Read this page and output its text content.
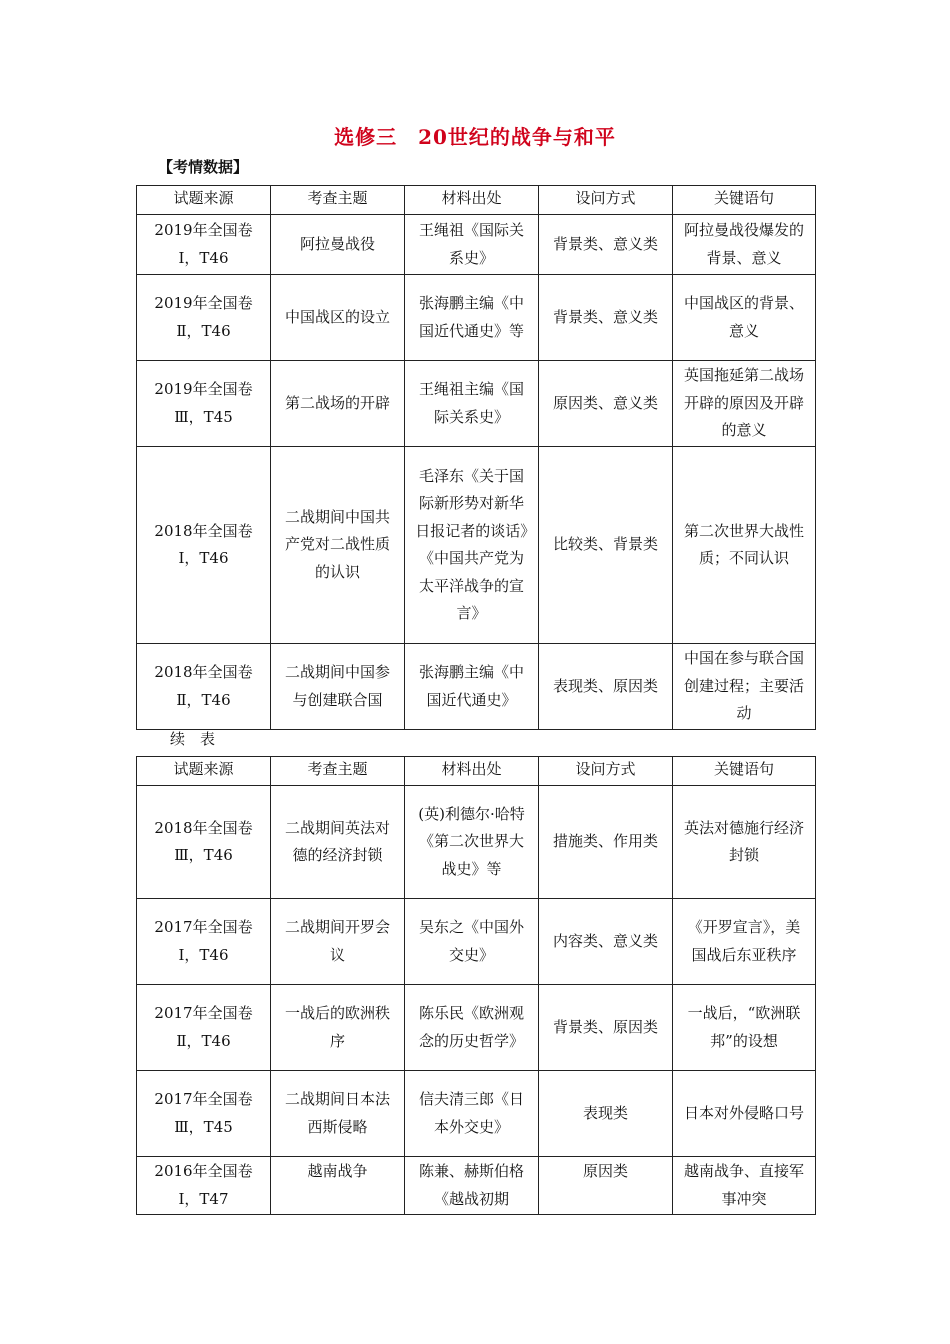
选修三　20世纪的战争与和平
【考情数据】
试题来源	考查主题	材料出处	设问方式	关键语句
2019年全国卷Ⅰ，T46	阿拉曼战役	王绳祖《国际关系史》	背景类、意义类	阿拉曼战役爆发的背景、意义
2019年全国卷Ⅱ，T46	中国战区的设立	张海鹏主编《中国近代通史》等	背景类、意义类	中国战区的背景、意义
2019年全国卷Ⅲ，T45	第二战场的开辟	王绳祖主编《国际关系史》	原因类、意义类	英国拖延第二战场开辟的原因及开辟的意义
2018年全国卷Ⅰ，T46	二战期间中国共产党对二战性质的认识	毛泽东《关于国际新形势对新华日报记者的谈话》《中国共产党为太平洋战争的宣言》	比较类、背景类	第二次世界大战性质；不同认识
2018年全国卷Ⅱ，T46	二战期间中国参与创建联合国	张海鹏主编《中国近代通史》	表现类、原因类	中国在参与联合国创建过程；主要活动
续　表
试题来源	考查主题	材料出处	设问方式	关键语句
2018年全国卷Ⅲ，T46	二战期间英法对德的经济封锁	(英)利德尔·哈特《第二次世界大战史》等	措施类、作用类	英法对德施行经济封锁
2017年全国卷Ⅰ，T46	二战期间开罗会议	吴东之《中国外交史》	内容类、意义类	《开罗宣言》，美国战后东亚秩序
2017年全国卷Ⅱ，T46	一战后的欧洲秩序	陈乐民《欧洲观念的历史哲学》	背景类、原因类	一战后，“欧洲联邦”的设想
2017年全国卷Ⅲ，T45	二战期间日本法西斯侵略	信夫清三郎《日本外交史》	表现类	日本对外侵略口号
2016年全国卷Ⅰ，T47	越南战争	陈兼、赫斯伯格《越战初期	原因类	越南战争、直接军事冲突
